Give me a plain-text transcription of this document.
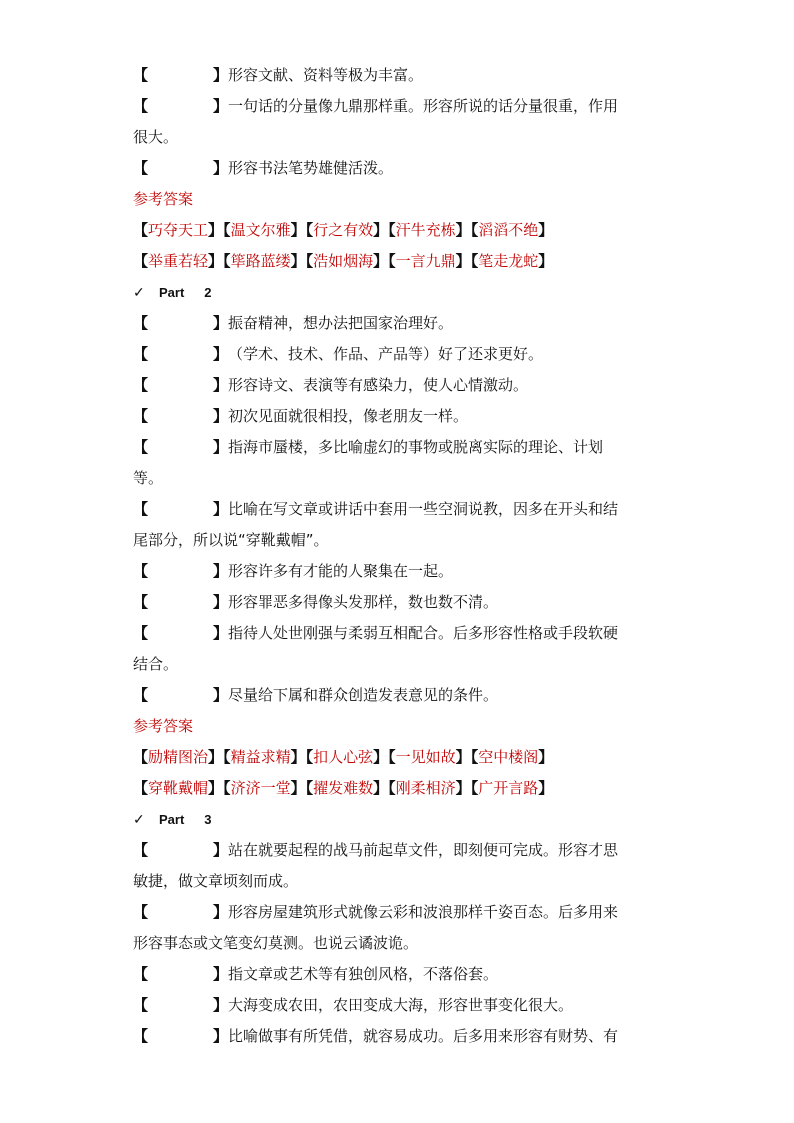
【	】形容文献、资料等极为丰富。
【	】一句话的分量像九鼎那样重。形容所说的话分量很重，作用
很大。
【	】形容书法笔势雄健活泼。
参考答案
【巧夺天工】【温文尔雅】【行之有效】【汗牛充栋】【滔滔不绝】
【举重若轻】【筚路蓝缕】【浩如烟海】【一言九鼎】【笔走龙蛇】
✓ Part 2
【	】振奋精神，想办法把国家治理好。
【	】（学术、技术、作品、产品等）好了还求更好。
【	】形容诗文、表演等有感染力，使人心情激动。
【	】初次见面就很相投，像老朋友一样。
【	】指海市蜃楼，多比喻虚幻的事物或脱离实际的理论、计划
等。
【	】比喻在写文章或讲话中套用一些空洞说教，因多在开头和结
尾部分，所以说“穿靴戴帽”。
【	】形容许多有才能的人聚集在一起。
【	】形容罪恶多得像头发那样，数也数不清。
【	】指待人处世刚强与柔弱互相配合。后多形容性格或手段软硬
结合。
【	】尽量给下属和群众创造发表意见的条件。
参考答案
【励精图治】【精益求精】【扣人心弦】【一见如故】【空中楼阁】
【穿靴戴帽】【济济一堂】【擢发难数】【刚柔相济】【广开言路】
✓ Part 3
【	】站在就要起程的战马前起草文件，即刻便可完成。形容才思
敏捷，做文章顷刻而成。
【	】形容房屋建筑形式就像云彩和波浪那样千姿百态。后多用来
形容事态或文笔变幻莫测。也说云谲波诡。
【	】指文章或艺术等有独创风格，不落俗套。
【	】大海变成农田，农田变成大海，形容世事变化很大。
【	】比喻做事有所凭借，就容易成功。后多用来形容有财势、有
